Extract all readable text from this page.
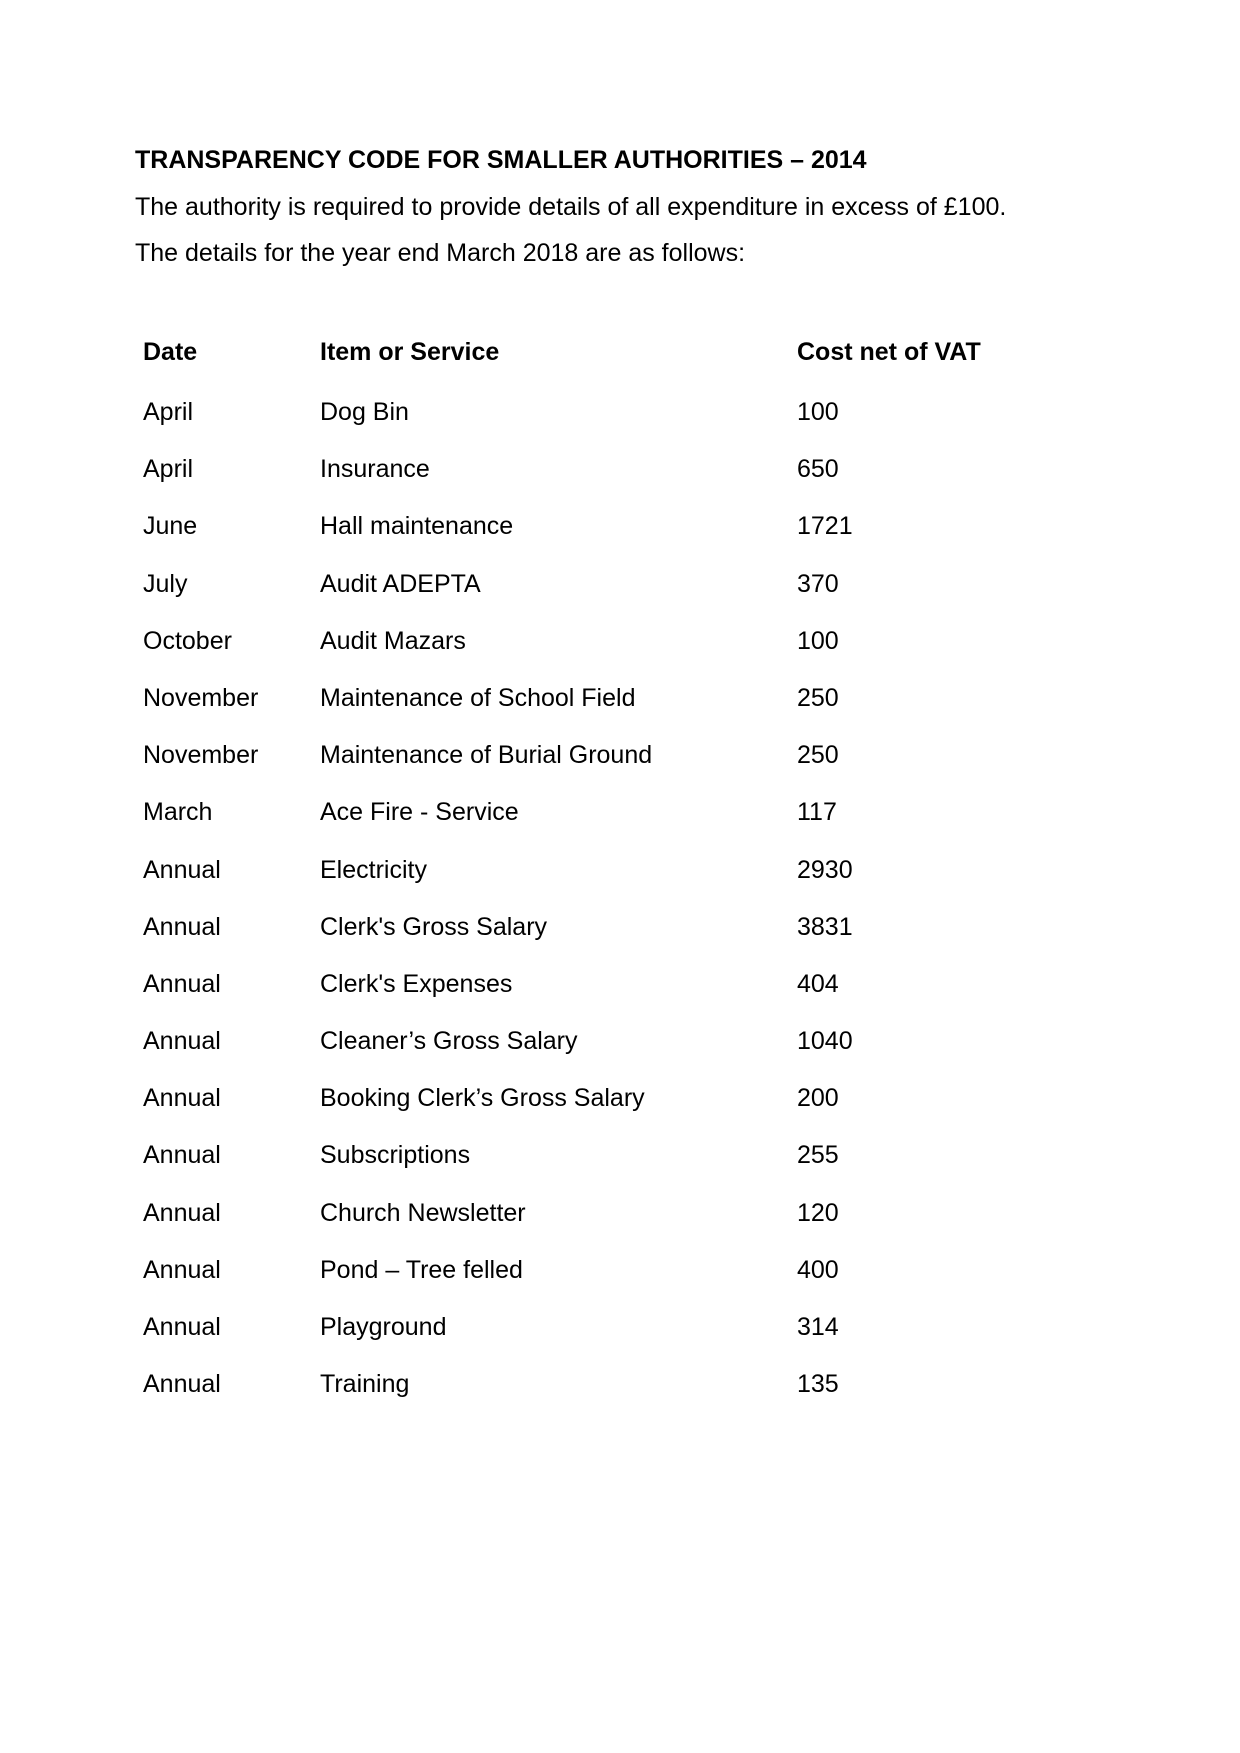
TRANSPARENCY CODE FOR SMALLER AUTHORITIES – 2014
The authority is required to provide details of all expenditure in excess of £100.
The details for the year end March 2018 are as follows:
Date	Item or Service	Cost net of VAT
April	Dog Bin	100
April	Insurance	650
June	Hall maintenance	1721
July	Audit ADEPTA	370
October	Audit Mazars	100
November	Maintenance of School Field	250
November	Maintenance of Burial Ground	250
March	Ace Fire - Service	117
Annual	Electricity	2930
Annual	Clerk's Gross Salary	3831
Annual	Clerk's Expenses	404
Annual	Cleaner’s Gross Salary	1040
Annual	Booking Clerk’s Gross Salary	200
Annual	Subscriptions	255
Annual	Church Newsletter	120
Annual	Pond – Tree felled	400
Annual	Playground	314
Annual	Training	135
